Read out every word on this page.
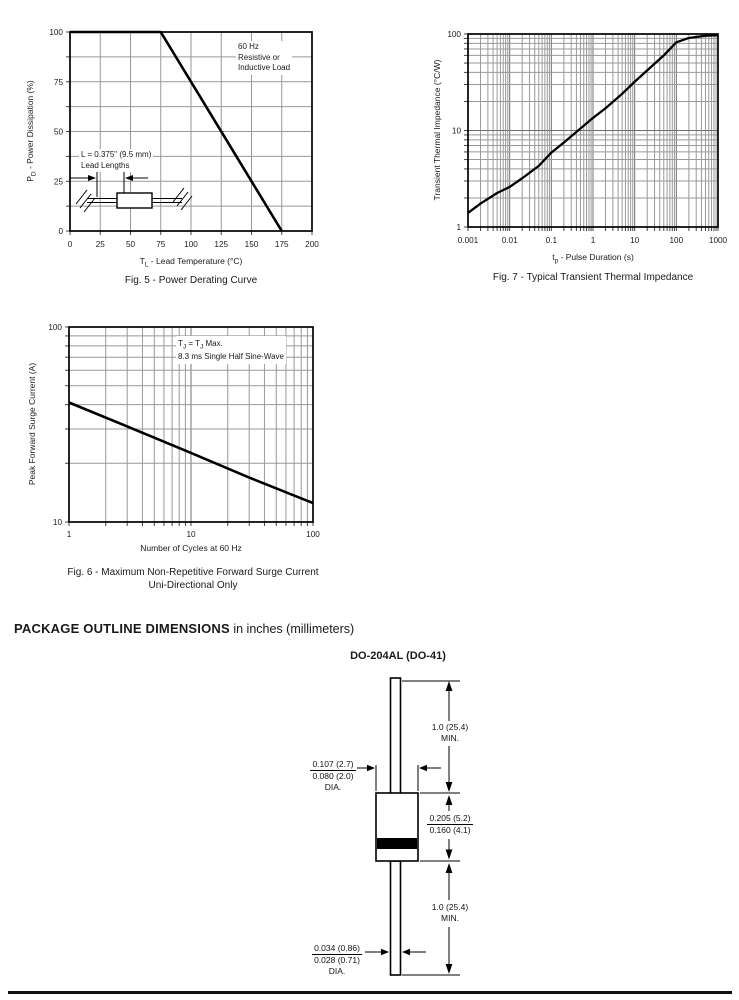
0	25	50	75 100 125 150 175 200
0
25
50
75
100
$P_D$ - Power Dissipation (%)
$T_L$ - Lead Temperature (°C)
60 Hz
Resistive or
Inductive Load
L = 0.375" (9.5 mm)
Lead Lengths
Fig. 5 - Power Derating Curve
0.001	0.01	0.1	1	10	100	1000
1
10
100
Transient Thermal Impedance (°C/W)
$t_p$ - Pulse Duration (s)
Fig. 7 - Typical Transient Thermal Impedance
1	10	100
10
100
Peak Forward Surge Current (A)
$T_J = T_J$ Max.
8.3 ms Single Half Sine-Wave
Number of Cycles at 60 Hz
Fig. 6 - Maximum Non-Repetitive Forward Surge Current
Uni-Directional Only
PACKAGE OUTLINE DIMENSIONS in inches (millimeters)
DO-204AL (DO-41)
0.107 (2.7)
0.080 (2.0)
DIA.
0.034 (0.86)
0.028 (0.71)
DIA.
0.205 (5.2)
0.160 (4.1)
1.0 (25.4)
MIN.
1.0 (25.4)
MIN.
